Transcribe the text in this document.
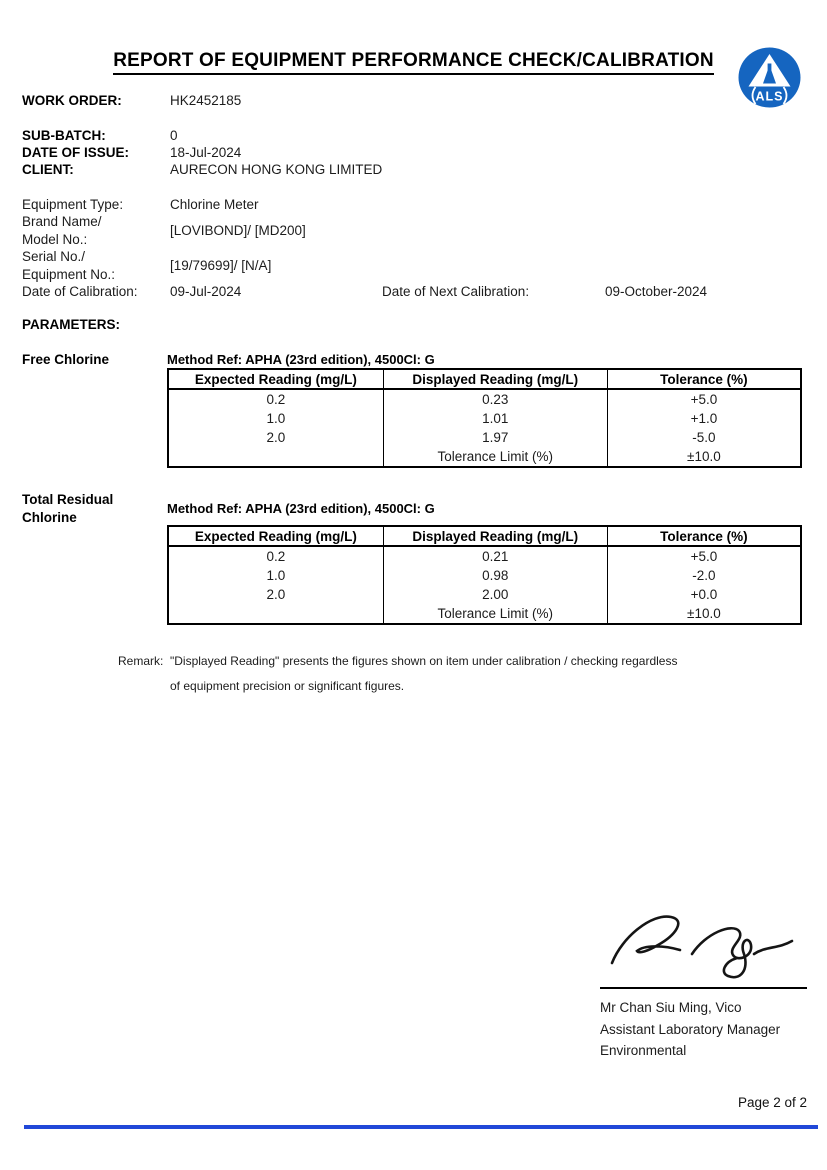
ALS
REPORT OF EQUIPMENT PERFORMANCE CHECK/CALIBRATION
WORK ORDER:	HK2452185
SUB-BATCH:	0
DATE OF ISSUE:	18-Jul-2024
CLIENT:	AURECON HONG KONG LIMITED
Equipment Type:	Chlorine Meter
Brand Name/
Model No.:
[LOVIBOND]/ [MD200]
Serial No./
Equipment No.:
[19/79699]/ [N/A]
Date of Calibration:	09-Jul-2024	Date of Next Calibration:	09-October-2024
PARAMETERS:
Free Chlorine	Method Ref: APHA (23rd edition), 4500Cl: G
Expected Reading (mg/L)	Displayed Reading (mg/L)	Tolerance (%)
0.2	0.23	+5.0
1.0	1.01	+1.0
2.0	1.97	-5.0
	Tolerance Limit (%)	±10.0
Total Residual Chlorine
Method Ref: APHA (23rd edition), 4500Cl: G
Expected Reading (mg/L)	Displayed Reading (mg/L)	Tolerance (%)
0.2	0.21	+5.0
1.0	0.98	-2.0
2.0	2.00	+0.0
	Tolerance Limit (%)	±10.0
Remark: "Displayed Reading" presents the figures shown on item under calibration / checking regardless
of equipment precision or significant figures.
Mr Chan Siu Ming, Vico
Assistant Laboratory Manager
Environmental
Page 2 of 2
